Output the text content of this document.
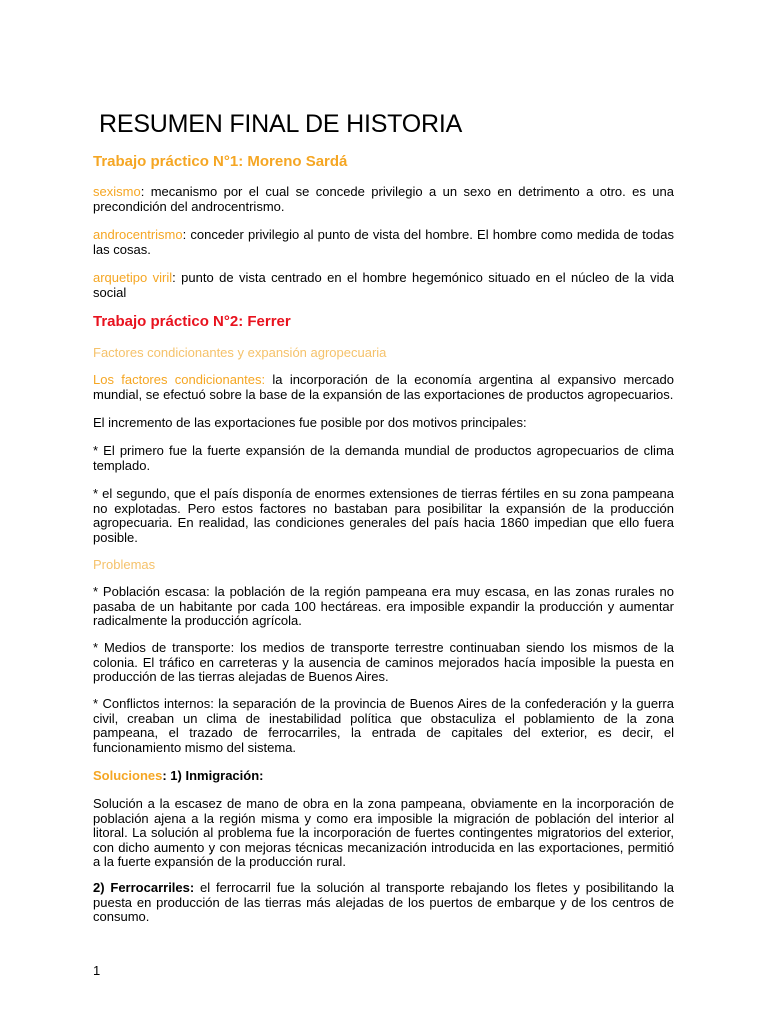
RESUMEN FINAL DE HISTORIA
Trabajo práctico N°1: Moreno Sardá

sexismo: mecanismo por el cual se concede privilegio a un sexo en detrimento a otro. es una precondición del androcentrismo.

androcentrismo: conceder privilegio al punto de vista del hombre. El hombre como medida de todas las cosas.

arquetipo viril: punto de vista centrado en el hombre hegemónico situado en el núcleo de la vida social

Trabajo práctico N°2: Ferrer

Factores condicionantes y expansión agropecuaria

Los factores condicionantes: la incorporación de la economía argentina al expansivo mercado mundial, se efectuó sobre la base de la expansión de las exportaciones de productos agropecuarios.

El incremento de las exportaciones fue posible por dos motivos principales:

* El primero fue la fuerte expansión de la demanda mundial de productos agropecuarios de clima templado.

* el segundo, que el país disponía de enormes extensiones de tierras fértiles en su zona pampeana no explotadas. Pero estos factores no bastaban para posibilitar la expansión de la producción agropecuaria. En realidad, las condiciones generales del país hacia 1860 impedian que ello fuera posible.

Problemas

* Población escasa: la población de la región pampeana era muy escasa, en las zonas rurales no pasaba de un habitante por cada 100 hectáreas. era imposible expandir la producción y aumentar radicalmente la producción agrícola.

* Medios de transporte: los medios de transporte terrestre continuaban siendo los mismos de la colonia. El tráfico en carreteras y la ausencia de caminos mejorados hacía imposible la puesta en producción de las tierras alejadas de Buenos Aires.

* Conflictos internos: la separación de la provincia de Buenos Aires de la confederación y la guerra civil, creaban un clima de inestabilidad política que obstaculiza el poblamiento de la zona pampeana, el trazado de ferrocarriles, la entrada de capitales del exterior, es decir, el funcionamiento mismo del sistema.

Soluciones: 1) Inmigración:

Solución a la escasez de mano de obra en la zona pampeana, obviamente en la incorporación de población ajena a la región misma y como era imposible la migración de población del interior al litoral. La solución al problema fue la incorporación de fuertes contingentes migratorios del exterior, con dicho aumento y con mejoras técnicas mecanización introducida en las exportaciones, permitió a la fuerte expansión de la producción rural.

2) Ferrocarriles: el ferrocarril fue la solución al transporte rebajando los fletes y posibilitando la puesta en producción de las tierras más alejadas de los puertos de embarque y de los centros de consumo.

1
